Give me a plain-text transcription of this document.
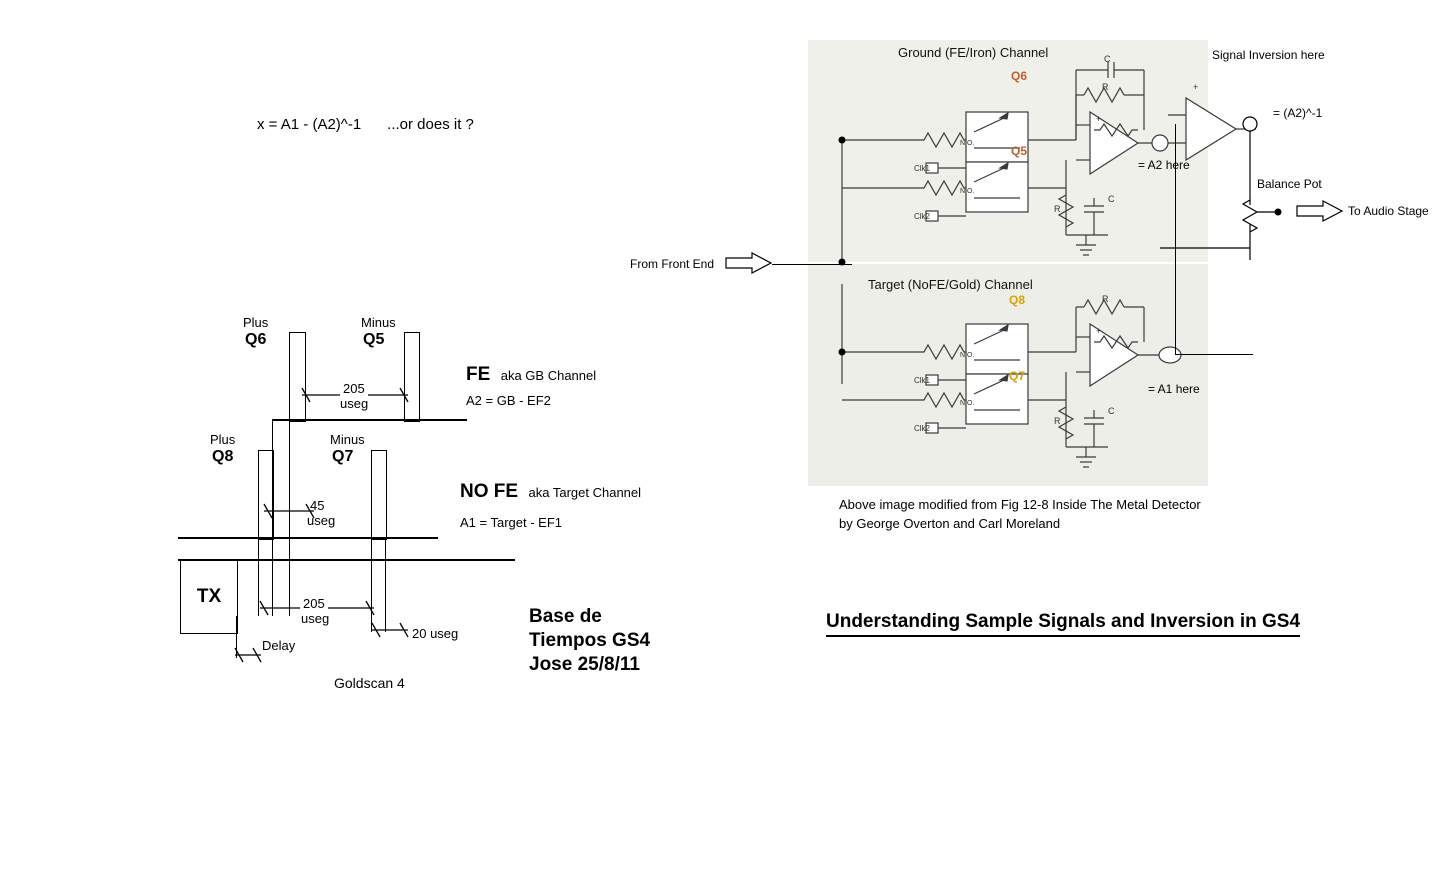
x = A1 - (A2)^-1 ...or does it ?
Plus
Q6
Minus
Q5
205
useg
FE aka GB Channel
A2 = GB - EF2
Plus
Q8
Minus
Q7
45
useg
NO FE aka Target Channel
A1 = Target - EF1
TX	205
useg
20 useg
Delay
Base de
Tiempos GS4
Jose 25/8/11
Goldscan 4
N.O.
N.O.
Clk1
Clk2
C
R
R
C
+
+
N.O.
N.O.
Clk1
Clk2
R
R
C
+
Signal Inversion here
= (A2)^-1
= A2 here
= A1 here
Balance Pot
Ground (FE/Iron) Channel
Target (NoFE/Gold) Channel
Q6
Q5
Q8
Q7
From Front End
To Audio Stage
Above image modified from Fig 12-8 Inside The Metal Detector
by George Overton and Carl Moreland
Understanding Sample Signals and Inversion in GS4
